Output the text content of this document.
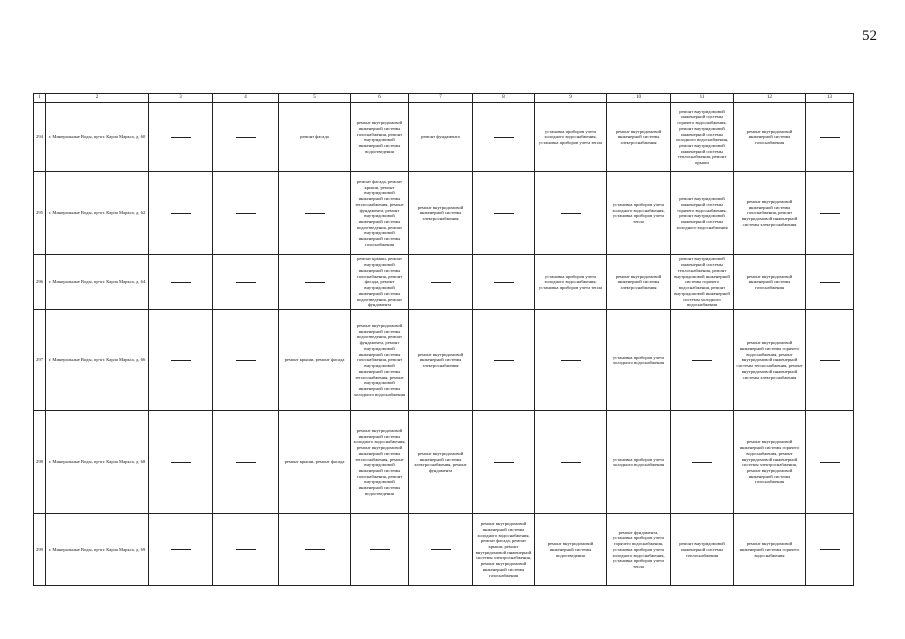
52
1	2	3	4	5	6	7	8	9	10	11	12	13
294	г. Минеральные Воды, пр-кт. Карла Маркса, д. 60			ремонт фасада	ремонт внутридомовой инженерной системы газоснабжения, ремонт внутридомовой инженерной системы водоотведения	ремонт фундамента		установка приборов учета холодного водоснабжения, установка приборов учета тепла	ремонт внутридомовой инженерной системы электроснабжения	ремонт внутридомовой инженерной системы горячего водоснабжения, ремонт внутридомовой инженерной системы холодного водоснабжения, ремонт внутридомовой инженерной системы теплоснабжения, ремонт крыши	ремонт внутридомовой инженерной системы газоснабжения	
295	г. Минеральные Воды, пр-кт. Карла Маркса, д. 62				ремонт фасада, ремонт крыши, ремонт внутридомовой инженерной системы теплоснабжения, ремонт фундамента, ремонт внутридомовой инженерной системы водоотведения, ремонт внутридомовой инженерной системы газоснабжения	ремонт внутридомовой инженерной системы электроснабжения			установка приборов учета холодного водоснабжения, установка приборов учета тепла	ремонт внутридомовой инженерной системы горячего водоснабжения, ремонт внутридомовой инженерной системы холодного водоснабжения	ремонт внутридомовой инженерной системы газоснабжения, ремонт внутридомовой инженерной системы электроснабжения	
296	г. Минеральные Воды, пр-кт. Карла Маркса, д. 64				ремонт крыши, ремонт внутридомовой инженерной системы газоснабжения, ремонт фасада, ремонт внутридомовой инженерной системы водоотведения, ремонт фундамента			установка приборов учета холодного водоснабжения, установка приборов учета тепла	ремонт внутридомовой инженерной системы электроснабжения	ремонт внутридомовой инженерной системы теплоснабжения, ремонт внутридомовой инженерной системы горячего водоснабжения, ремонт внутридомовой инженерной системы холодного водоснабжения	ремонт внутридомовой инженерной системы газоснабжения	
297	г. Минеральные Воды, пр-кт. Карла Маркса, д. 66			ремонт крыши, ремонт фасада	ремонт внутридомовой инженерной системы водоотведения, ремонт фундамента, ремонт внутридомовой инженерной системы газоснабжения, ремонт внутридомовой инженерной системы теплоснабжения, ремонт внутридомовой инженерной системы холодного водоснабжения	ремонт внутридомовой инженерной системы электроснабжения			установка приборов учета холодного водоснабжения		ремонт внутридомовой инженерной системы горячего водоснабжения, ремонт внутридомовой инженерной системы теплоснабжения, ремонт внутридомовой инженерной системы электроснабжения	
298	г. Минеральные Воды, пр-кт. Карла Маркса, д. 68			ремонт крыши, ремонт фасада	ремонт внутридомовой инженерной системы холодного водоснабжения, ремонт внутридомовой инженерной системы теплоснабжения, ремонт внутридомовой инженерной системы газоснабжения, ремонт внутридомовой инженерной системы водоотведения	ремонт внутридомовой инженерной системы электроснабжения, ремонт фундамента			установка приборов учета холодного водоснабжения		ремонт внутридомовой инженерной системы горячего водоснабжения, ремонт внутридомовой инженерной системы электроснабжения, ремонт внутридомовой инженерной системы газоснабжения	
299	г. Минеральные Воды, пр-кт. Карла Маркса, д. 69						ремонт внутридомовой инженерной системы холодного водоснабжения, ремонт фасада, ремонт крыши, ремонт внутридомовой инженерной системы электроснабжения, ремонт внутридомовой инженерной системы газоснабжения	ремонт внутридомовой инженерной системы водоотведения	ремонт фундамента, установка приборов учета горячего водоснабжения, установка приборов учета холодного водоснабжения, установка приборов учета тепла	ремонт внутридомовой инженерной системы теплоснабжения	ремонт внутридомовой инженерной системы горячего водоснабжения	
